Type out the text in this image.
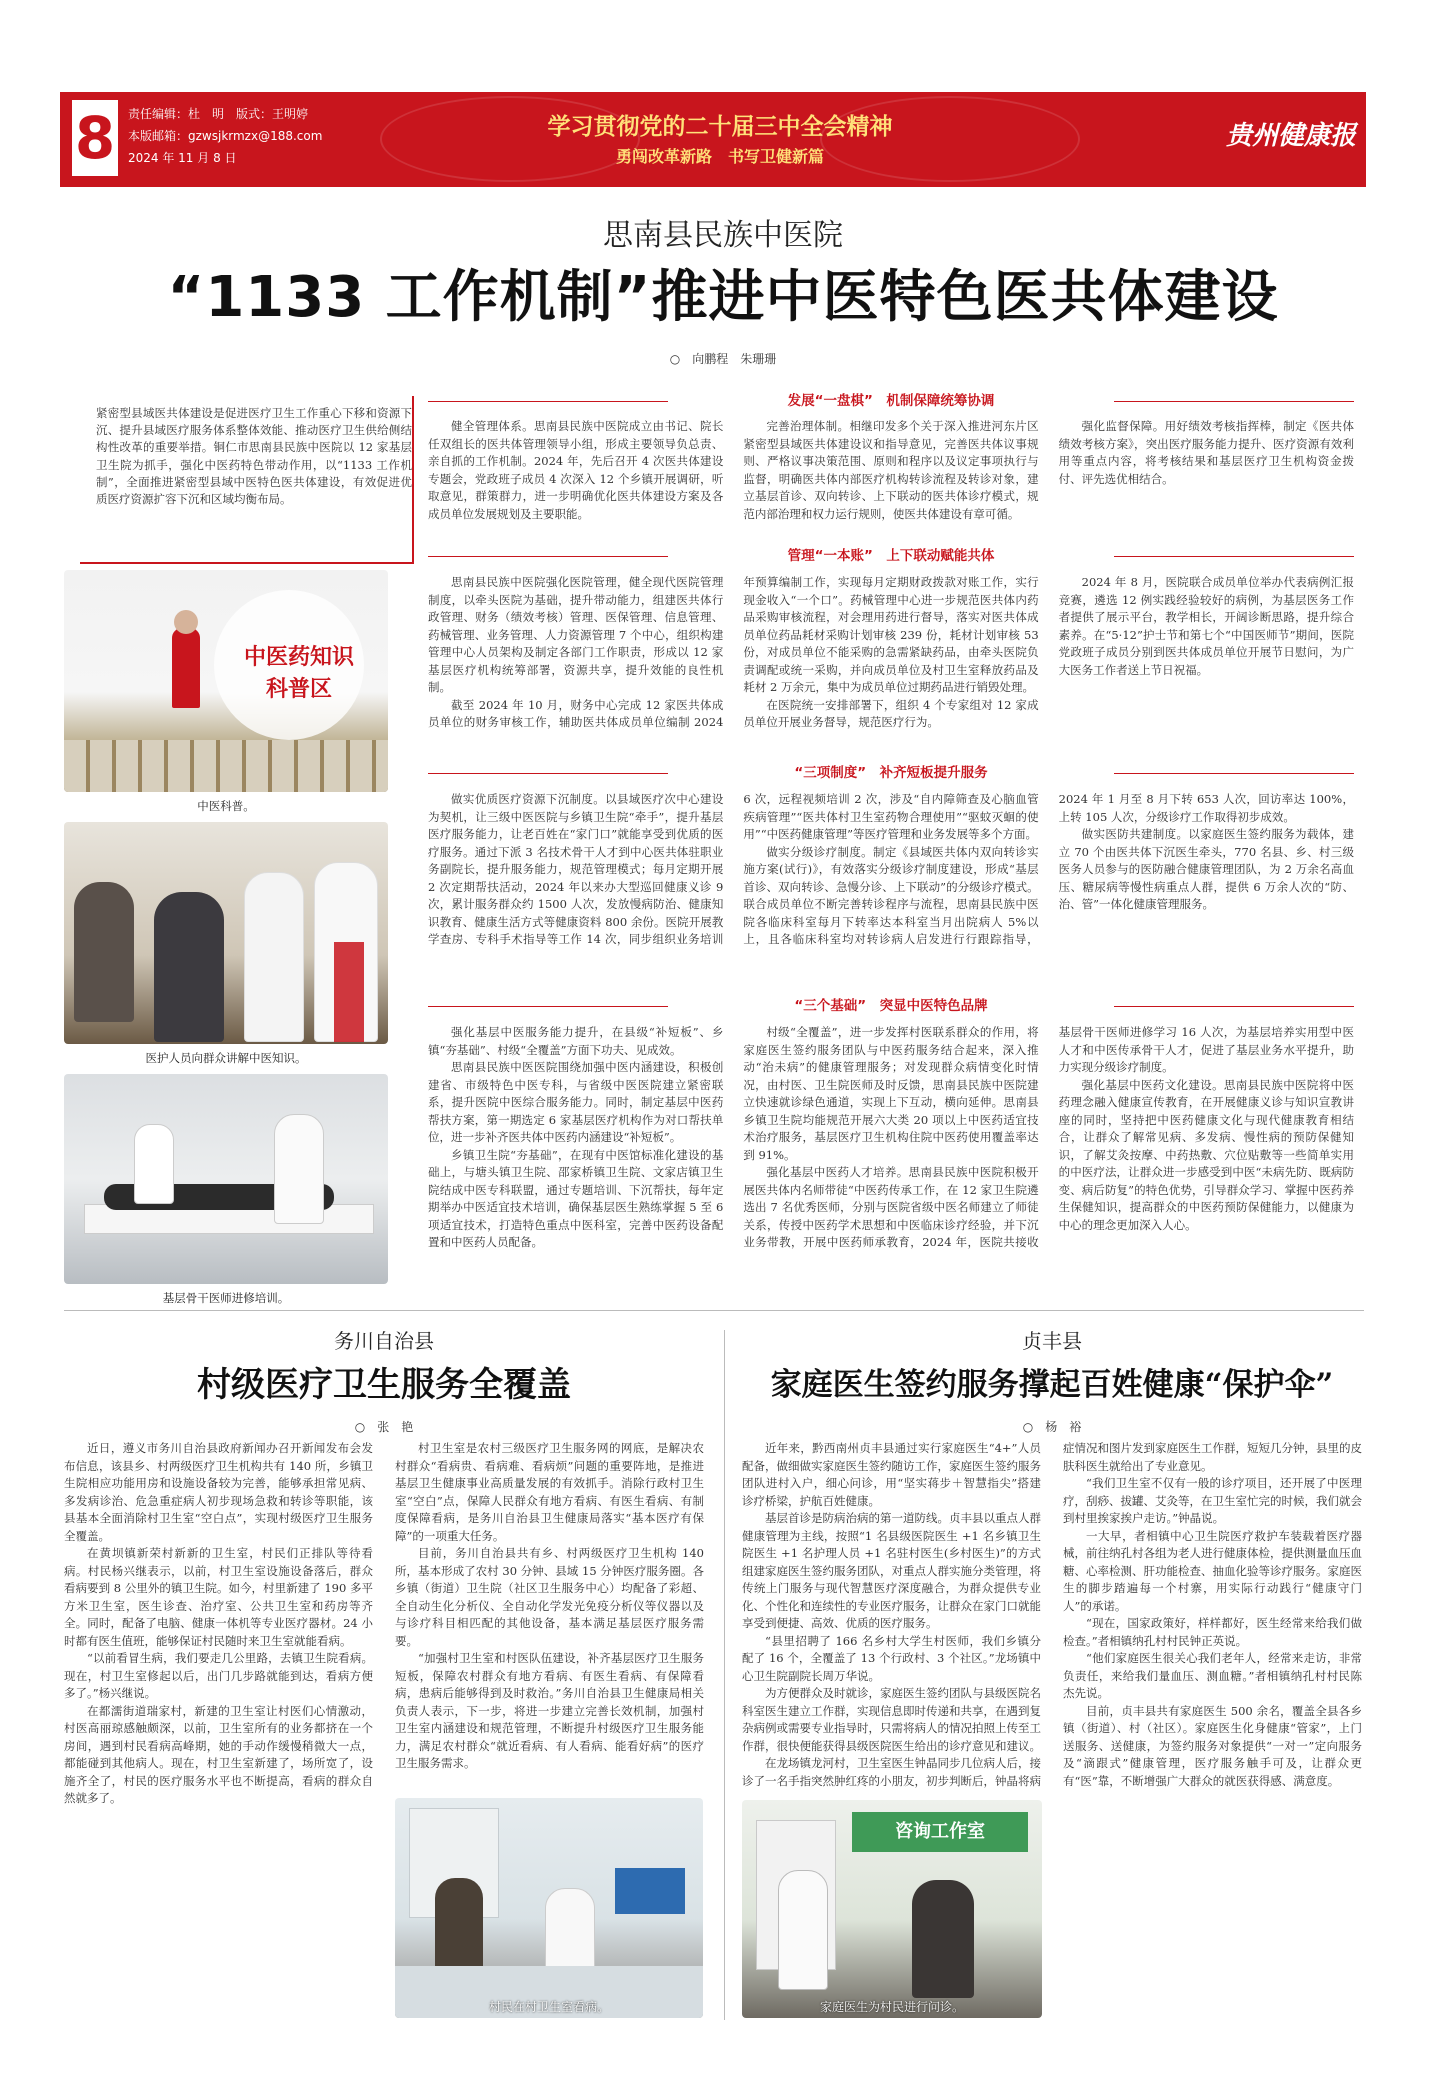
8 责任编辑：杜　明　版式：王明婷
本版邮箱：gzwsjkrmzx@188.com
2024 年 11 月 8 日
学习贯彻党的二十届三中全会精神
勇闯改革新路　书写卫健新篇
贵州健康报
思南县民族中医院
“1133 工作机制”推进中医特色医共体建设
○　向鹏程　朱珊珊
紧密型县域医共体建设是促进医疗卫生工作重心下移和资源下沉、提升县域医疗服务体系整体效能、推动医疗卫生供给侧结构性改革的重要举措。铜仁市思南县民族中医院以 12 家基层卫生院为抓手，强化中医药特色带动作用，以“1133 工作机制”，全面推进紧密型县域中医特色医共体建设，有效促进优质医疗资源扩容下沉和区域均衡布局。
中医药知识
科普区
中医科普。
医护人员向群众讲解中医知识。
基层骨干医师进修培训。
发展“一盘棋”　机制保障统筹协调
管理“一本账”　上下联动赋能共体
“三项制度”　补齐短板提升服务
“三个基础”　突显中医特色品牌

健全管理体系。思南县民族中医院成立由书记、院长任双组长的医共体管理领导小组，形成主要领导负总责、亲自抓的工作机制。2024 年，先后召开 4 次医共体建设专题会，党政班子成员 4 次深入 12 个乡镇开展调研，听取意见，群策群力，进一步明确优化医共体建设方案及各成员单位发展规划及主要职能。

完善治理体制。相继印发多个关于深入推进河东片区紧密型县域医共体建设议和指导意见，完善医共体议事规则、严格议事决策范围、原则和程序以及议定事项执行与监督，明确医共体内部医疗机构转诊流程及转诊对象，建立基层首诊、双向转诊、上下联动的医共体诊疗模式，规范内部治理和权力运行规则，使医共体建设有章可循。

强化监督保障。用好绩效考核指挥棒，制定《医共体绩效考核方案》，突出医疗服务能力提升、医疗资源有效利用等重点内容，将考核结果和基层医疗卫生机构资金拨付、评先选优相结合。

思南县民族中医院强化医院管理，健全现代医院管理制度，以牵头医院为基础，提升带动能力，组建医共体行政管理、财务（绩效考核）管理、医保管理、信息管理、药械管理、业务管理、人力资源管理 7 个中心，组织构建管理中心人员架构及制定各部门工作职责，形成以 12 家基层医疗机构统筹部署，资源共享，提升效能的良性机制。

截至 2024 年 10 月，财务中心完成 12 家医共体成员单位的财务审核工作，辅助医共体成员单位编制 2024 年预算编制工作，实现每月定期财政拨款对账工作，实行现金收入“一个口”。药械管理中心进一步规范医共体内药品采购审核流程，对会理用药进行督导，落实对医共体成员单位药品耗材采购计划审核 239 份，耗材计划审核 53 份，对成员单位不能采购的急需紧缺药品，由牵头医院负责调配或统一采购，并向成员单位及村卫生室释放药品及耗材 2 万余元，集中为成员单位过期药品进行销毁处理。

在医院统一安排部署下，组织 4 个专家组对 12 家成员单位开展业务督导，规范医疗行为。

2024 年 8 月，医院联合成员单位举办代表病例汇报竞赛，遴选 12 例实践经验较好的病例，为基层医务工作者提供了展示平台，教学相长，开阔诊断思路，提升综合素养。在“5·12”护士节和第七个“中国医师节”期间，医院党政班子成员分别到医共体成员单位开展节日慰问，为广大医务工作者送上节日祝福。

做实优质医疗资源下沉制度。以县域医疗次中心建设为契机，让三级中医医院与乡镇卫生院“牵手”，提升基层医疗服务能力，让老百姓在“家门口”就能享受到优质的医疗服务。通过下派 3 名技术骨干人才到中心医共体驻职业务副院长，提升服务能力，规范管理模式；每月定期开展 2 次定期帮扶活动，2024 年以来办大型巡回健康义诊 9 次，累计服务群众约 1500 人次，发放慢病防治、健康知识教育、健康生活方式等健康资料 800 余份。医院开展教学查房、专科手术指导等工作 14 次，同步组织业务培训 6 次，远程视频培训 2 次，涉及“自内障筛查及心脑血管疾病管理”“医共体村卫生室药物合理使用”“驱蚊灭蛔的使用”“中医药健康管理”等医疗管理和业务发展等多个方面。

做实分级诊疗制度。制定《县域医共体内双向转诊实施方案(试行)》，有效落实分级诊疗制度建设，形成“基层首诊、双向转诊、急慢分诊、上下联动”的分级诊疗模式。联合成员单位不断完善转诊程序与流程，思南县民族中医院各临床科室每月下转率达本科室当月出院病人 5%以上，且各临床科室均对转诊病人启发进行行跟踪指导，2024 年 1 月至 8 月下转 653 人次，回访率达 100%，上转 105 人次，分级诊疗工作取得初步成效。

做实医防共建制度。以家庭医生签约服务为载体，建立 70 个由医共体下沉医生牵头，770 名县、乡、村三级医务人员参与的医防融合健康管理团队，为 2 万余名高血压、糖尿病等慢性病重点人群，提供 6 万余人次的“防、治、管”一体化健康管理服务。

强化基层中医服务能力提升，在县级“补短板”、乡镇“夯基础”、村级“全覆盖”方面下功夫、见成效。

思南县民族中医医院围绕加强中医内涵建设，积极创建省、市级特色中医专科，与省级中医医院建立紧密联系，提升医院中医综合服务能力。同时，制定基层中医药帮扶方案，第一期选定 6 家基层医疗机构作为对口帮扶单位，进一步补齐医共体中医药内涵建设“补短板”。

乡镇卫生院“夯基础”，在现有中医馆标准化建设的基础上，与塘头镇卫生院、邵家桥镇卫生院、文家店镇卫生院结成中医专科联盟，通过专题培训、下沉帮扶，每年定期举办中医适宜技术培训，确保基层医生熟练掌握 5 至 6 项适宜技术，打造特色重点中医科室，完善中医药设备配置和中医药人员配备。

村级“全覆盖”，进一步发挥村医联系群众的作用，将家庭医生签约服务团队与中医药服务结合起来，深入推动“治未病”的健康管理服务；对发现群众病情变化时情况，由村医、卫生院医师及时反馈，思南县民族中医院建立快速就诊绿色通道，实现上下互动，横向延伸。思南县乡镇卫生院均能规范开展六大类 20 项以上中医药适宜技术治疗服务，基层医疗卫生机构住院中医药使用覆盖率达到 91%。

强化基层中医药人才培养。思南县民族中医院积极开展医共体内名师带徒“中医药传承工作，在 12 家卫生院遴选出 7 名优秀医师，分别与医院省级中医名师建立了师徒关系，传授中医药学术思想和中医临床诊疗经验，并下沉业务带教，开展中医药师承教育，2024 年，医院共接收基层骨干医师进修学习 16 人次，为基层培养实用型中医人才和中医传承骨干人才，促进了基层业务水平提升，助力实现分级诊疗制度。

强化基层中医药文化建设。思南县民族中医院将中医药理念融入健康宣传教育，在开展健康义诊与知识宣教讲座的同时，坚持把中医药健康文化与现代健康教育相结合，让群众了解常见病、多发病、慢性病的预防保健知识，了解艾灸按摩、中药热敷、穴位贴敷等一些简单实用的中医疗法，让群众进一步感受到中医“未病先防、既病防变、病后防复”的特色优势，引导群众学习、掌握中医药养生保健知识，提高群众的中医药预防保健能力，以健康为中心的理念更加深入人心。

务川自治县
村级医疗卫生服务全覆盖
○　张　艳

近日，遵义市务川自治县政府新闻办召开新闻发布会发布信息，该县乡、村两级医疗卫生机构共有 140 所，乡镇卫生院相应功能用房和设施设备较为完善，能够承担常见病、多发病诊治、危急重症病人初步现场急救和转诊等职能，该县基本全面消除村卫生室“空白点”，实现村级医疗卫生服务全覆盖。

在黄坝镇新荣村新新的卫生室，村民们正排队等待看病。村民杨兴继表示，以前，村卫生室设施设备落后，群众看病要到 8 公里外的镇卫生院。如今，村里新建了 190 多平方米卫生室，医生诊查、治疗室、公共卫生室和药房等齐全。同时，配备了电脑、健康一体机等专业医疗器材。24 小时都有医生值班，能够保证村民随时来卫生室就能看病。

“以前看冒生病，我们要走几公里路，去镇卫生院看病。现在，村卫生室修起以后，出门几步路就能到达，看病方便多了。”杨兴继说。

在都濡街道瑞家村，新建的卫生室让村医们心情激动，村医高丽琼感触颇深，以前，卫生室所有的业务都挤在一个房间，遇到村民看病高峰期，她的手动作缓慢稍微大一点，都能碰到其他病人。现在，村卫生室新建了，场所宽了，设施齐全了，村民的医疗服务水平也不断提高，看病的群众自然就多了。

村卫生室是农村三级医疗卫生服务网的网底，是解决农村群众“看病贵、看病难、看病烦”问题的重要阵地，是推进基层卫生健康事业高质量发展的有效抓手。消除行政村卫生室“空白”点，保障人民群众有地方看病、有医生看病、有制度保障看病，是务川自治县卫生健康局落实“基本医疗有保障”的一项重大任务。

目前，务川自治县共有乡、村两级医疗卫生机构 140 所，基本形成了农村 30 分钟、县域 15 分钟医疗服务圈。各乡镇（街道）卫生院（社区卫生服务中心）均配备了彩超、全自动生化分析仪、全自动化学发光免疫分析仪等仪器以及与诊疗科目相匹配的其他设备，基本满足基层医疗服务需要。

“加强村卫生室和村医队伍建设，补齐基层医疗卫生服务短板，保障农村群众有地方看病、有医生看病、有保障看病，患病后能够得到及时救治。”务川自治县卫生健康局相关负责人表示，下一步，将进一步建立完善长效机制，加强村卫生室内涵建设和规范管理，不断提升村级医疗卫生服务能力，满足农村群众“就近看病、有人看病、能看好病”的医疗卫生服务需求。

村民在村卫生室看病。
贞丰县
家庭医生签约服务撑起百姓健康“保护伞”
○　杨　裕

近年来，黔西南州贞丰县通过实行家庭医生“4+”人员配备，做细做实家庭医生签约随访工作，家庭医生签约服务团队进村入户，细心问诊，用“坚实蒋步＋智慧指尖”搭建诊疗桥梁，护航百姓健康。

基层首诊是防病治病的第一道防线。贞丰县以重点人群健康管理为主线，按照“1 名县级医院医生 +1 名乡镇卫生院医生 +1 名护理人员 +1 名驻村医生(乡村医生)”的方式组建家庭医生签约服务团队，对重点人群实施分类管理，将传统上门服务与现代智慧医疗深度融合，为群众提供专业化、个性化和连续性的专业医疗服务，让群众在家门口就能享受到便捷、高效、优质的医疗服务。

“县里招聘了 166 名乡村大学生村医师，我们乡镇分配了 16 个，全覆盖了 13 个行政村、3 个社区。”龙场镇中心卫生院副院长周万华说。

为方便群众及时就诊，家庭医生签约团队与县级医院名科室医生建立工作群，实现信息即时传递和共享，在遇到复杂病例或需要专业指导时，只需将病人的情况拍照上传至工作群，很快便能获得县级医院医生给出的诊疗意见和建议。

在龙场镇龙河村，卫生室医生钟晶同步几位病人后，接诊了一名手指突然肿红疼的小朋友，初步判断后，钟晶将病症情况和图片发到家庭医生工作群，短短几分钟，县里的皮肤科医生就给出了专业意见。

“我们卫生室不仅有一般的诊疗项目，还开展了中医理疗，刮痧、拔罐、艾灸等，在卫生室忙完的时候，我们就会到村里挨家挨户走访。”钟晶说。

一大早，者相镇中心卫生院医疗救护车装载着医疗器械，前往纳孔村各组为老人进行健康体检，提供测量血压血糖、心率检测、肝功能检查、抽血化验等诊疗服务。家庭医生的脚步踏遍每一个村寨，用实际行动践行“健康守门人”的承诺。

“现在，国家政策好，样样都好，医生经常来给我们做检查。”者相镇纳孔村村民钟正英说。

“他们家庭医生很关心我们老年人，经常来走访，非常负责任，来给我们量血压、测血糖。”者相镇纳孔村村民陈杰先说。

目前，贞丰县共有家庭医生 500 余名，覆盖全县各乡镇（街道）、村（社区）。家庭医生化身健康“管家”，上门送服务、送健康，为签约服务对象提供“一对一”定向服务及“滴跟式”健康管理，医疗服务触手可及，让群众更有“医”靠，不断增强广大群众的就医获得感、满意度。

咨询工作室
家庭医生为村民进行问诊。
